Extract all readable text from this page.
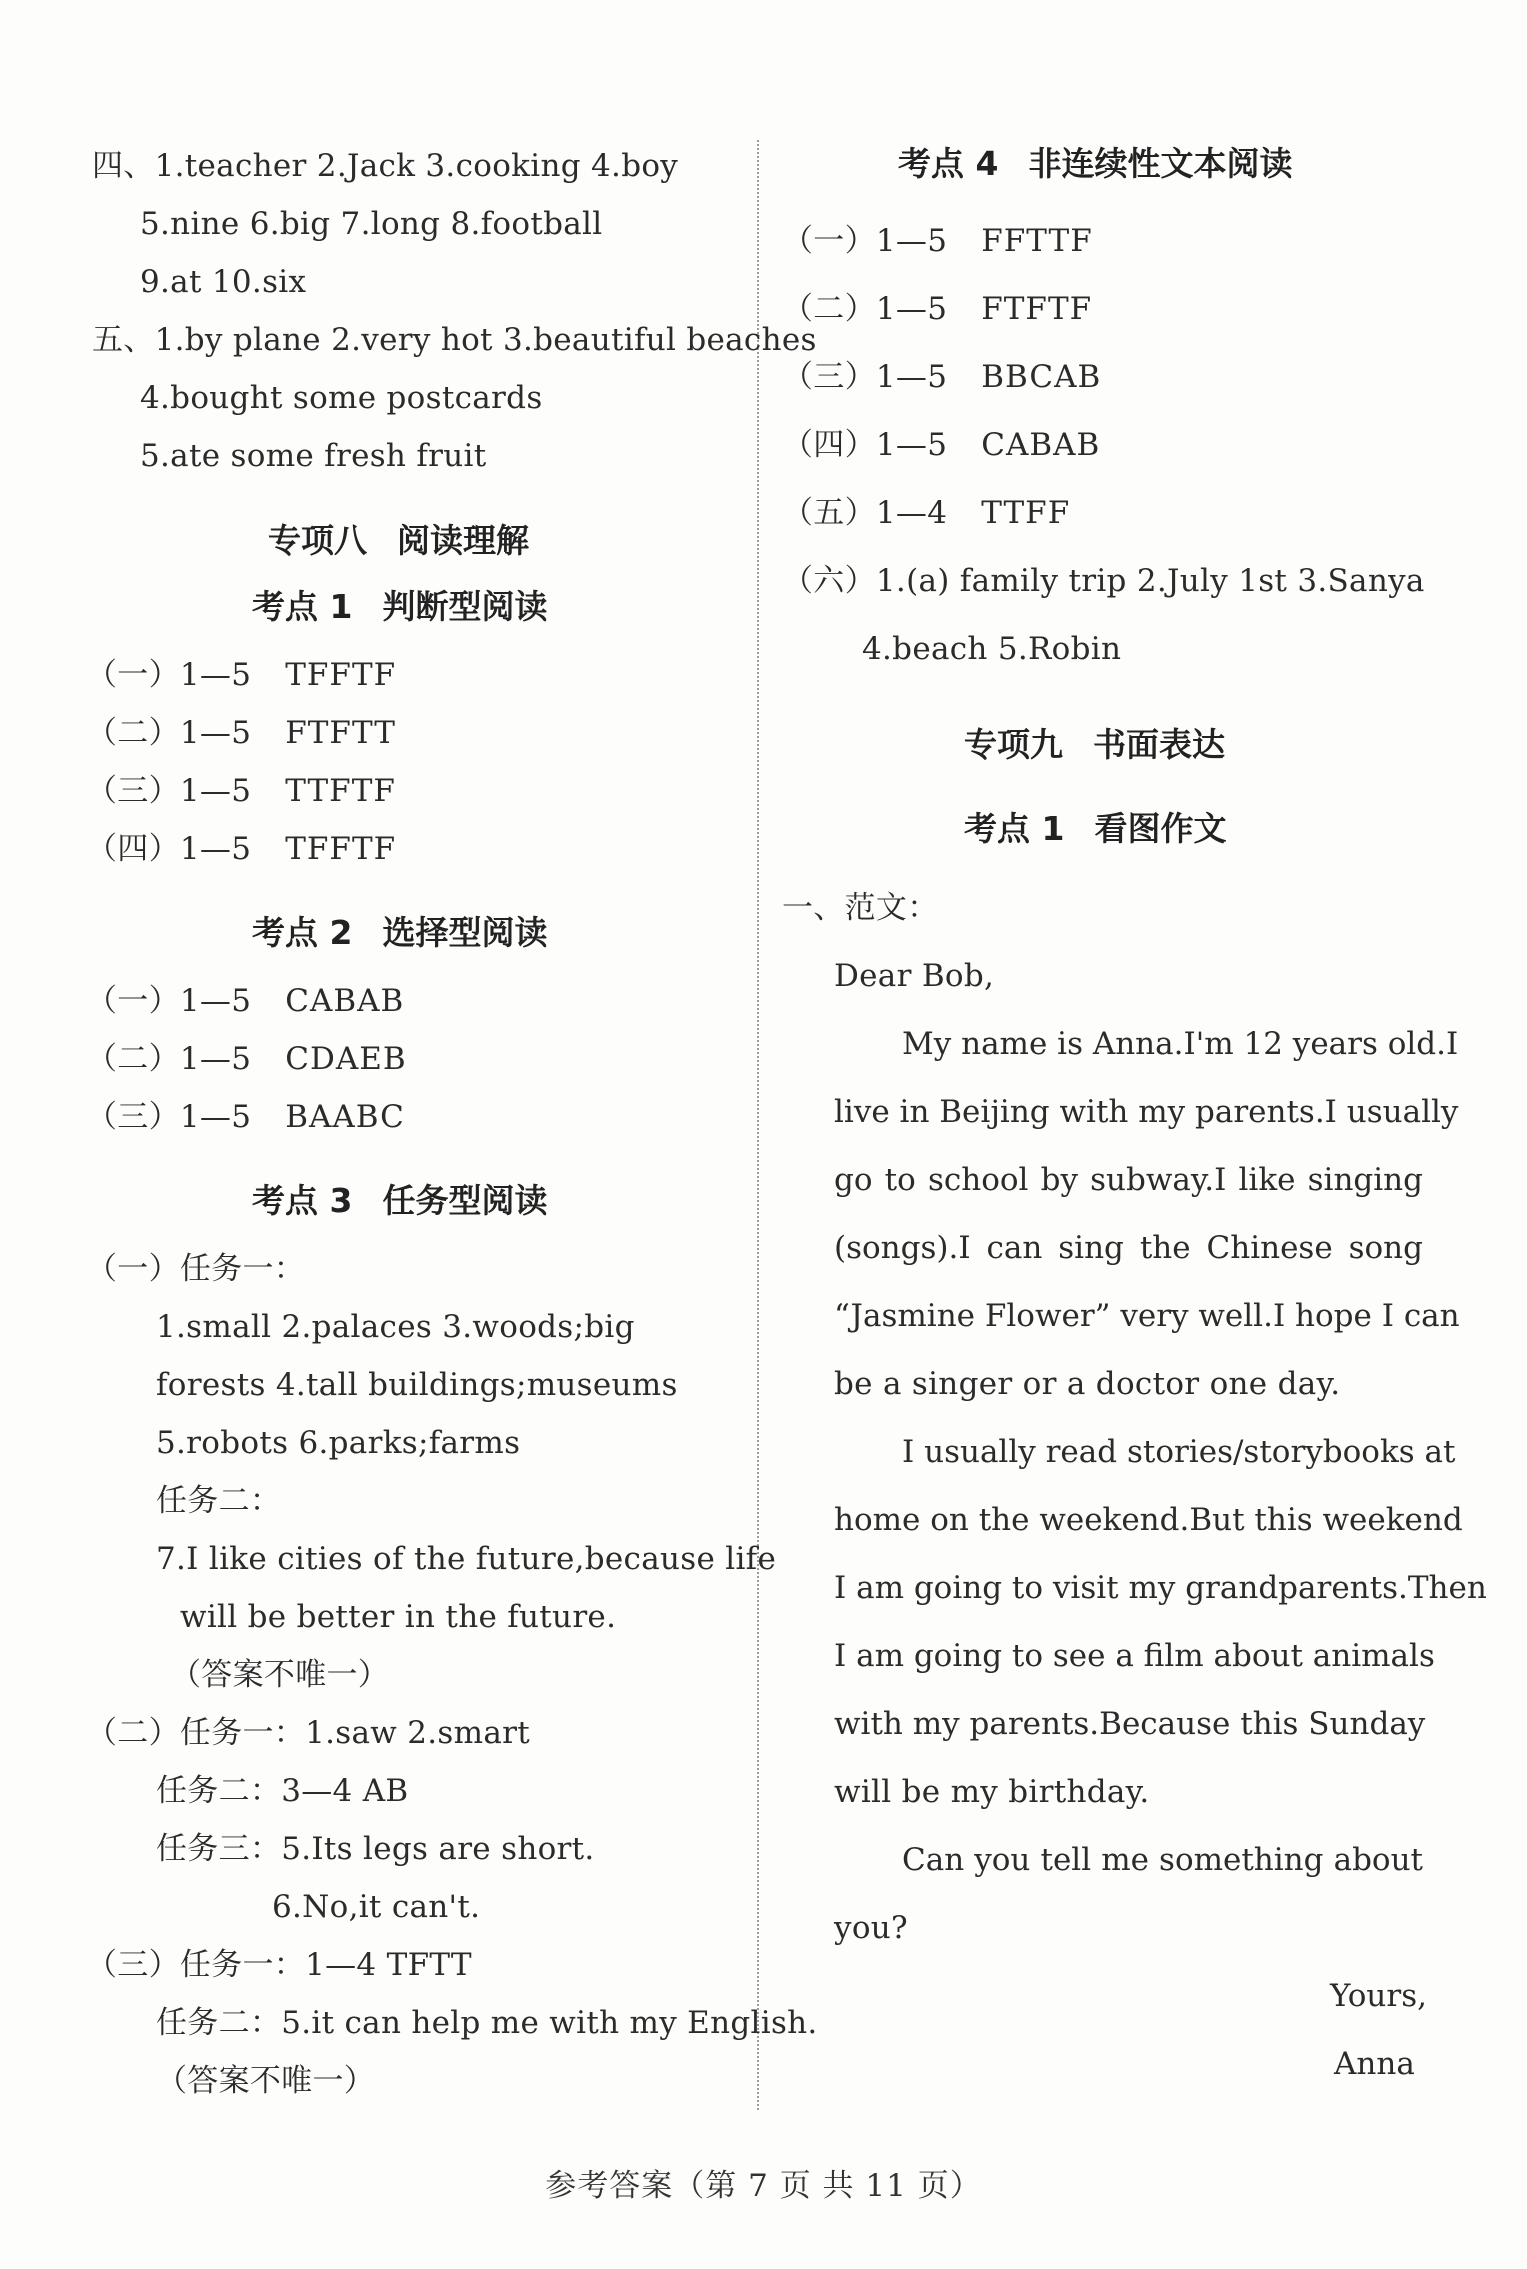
四、1.teacher 2.Jack 3.cooking 4.boy
5.nine 6.big 7.long 8.football
9.at 10.six
五、1.by plane 2.very hot 3.beautiful beaches
4.bought some postcards
5.ate some fresh fruit
专项八 阅读理解
考点 1 判断型阅读
（一）1—5 TFFTF
（二）1—5 FTFTT
（三）1—5 TTFTF
（四）1—5 TFFTF
考点 2 选择型阅读
（一）1—5 CABAB
（二）1—5 CDAEB
（三）1—5 BAABC
考点 3 任务型阅读
（一）任务一：
1.small 2.palaces 3.woods;big
forests 4.tall buildings;museums
5.robots 6.parks;farms
任务二：
7.I like cities of the future,because life
will be better in the future.
（答案不唯一）
（二）任务一：1.saw 2.smart
任务二：3—4 AB
任务三：5.Its legs are short.
6.No,it can't.
（三）任务一：1—4 TFTT
任务二：5.it can help me with my English.
（答案不唯一）
考点 4 非连续性文本阅读
（一）1—5 FFTTF
（二）1—5 FTFTF
（三）1—5 BBCAB
（四）1—5 CABAB
（五）1—4 TTFF
（六）1.(a) family trip 2.July 1st 3.Sanya
4.beach 5.Robin
专项九 书面表达
考点 1 看图作文
一、范文：
Dear Bob,
My name is Anna.I'm 12 years old.I
live in Beijing with my parents.I usually
go to school by subway.I like singing
(songs).I can sing the Chinese song
“Jasmine Flower” very well.I hope I can
be a singer or a doctor one day.
I usually read stories/storybooks at
home on the weekend.But this weekend
I am going to visit my grandparents.Then
I am going to see a film about animals
with my parents.Because this Sunday
will be my birthday.
Can you tell me something about
you?
Yours,
Anna
参考答案（第 7 页 共 11 页）
